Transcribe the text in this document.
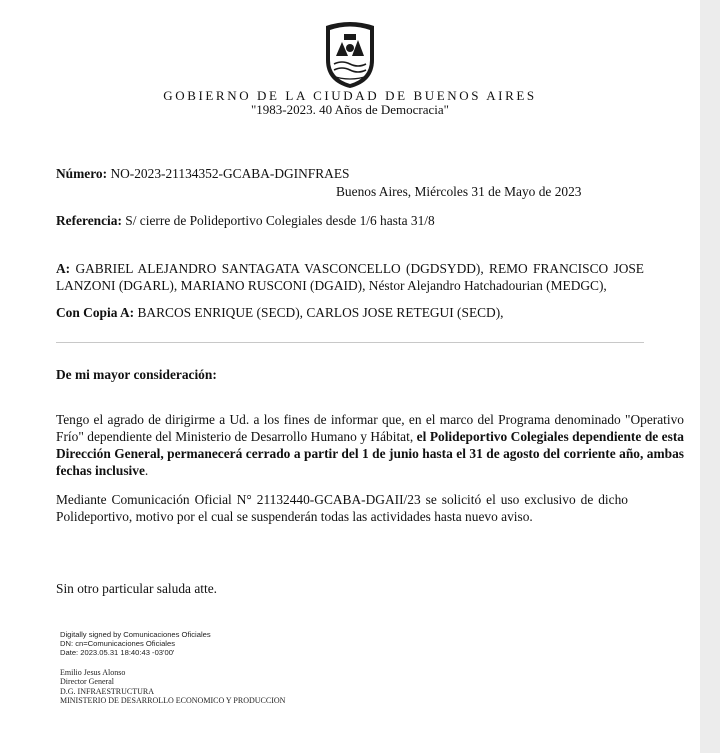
GOBIERNO DE LA CIUDAD DE BUENOS AIRES
"1983-2023. 40 Años de Democracia"
Número: NO-2023-21134352-GCABA-DGINFRAES
Buenos Aires, Miércoles 31 de Mayo de 2023
Referencia: S/ cierre de Polideportivo Colegiales desde 1/6 hasta 31/8
A: GABRIEL ALEJANDRO SANTAGATA VASCONCELLO (DGDSYDD), REMO FRANCISCO JOSE LANZONI (DGARL), MARIANO RUSCONI (DGAID), Néstor Alejandro Hatchadourian (MEDGC),
Con Copia A: BARCOS ENRIQUE (SECD), CARLOS JOSE RETEGUI (SECD),
De mi mayor consideración:
Tengo el agrado de dirigirme a Ud. a los fines de informar que, en el marco del Programa denominado "Operativo Frío" dependiente del Ministerio de Desarrollo Humano y Hábitat, el Polideportivo Colegiales dependiente de esta Dirección General, permanecerá cerrado a partir del 1 de junio hasta el 31 de agosto del corriente año, ambas fechas inclusive.
Mediante Comunicación Oficial N° 21132440-GCABA-DGAII/23 se solicitó el uso exclusivo de dicho Polideportivo, motivo por el cual se suspenderán todas las actividades hasta nuevo aviso.
Sin otro particular saluda atte.
Digitally signed by Comunicaciones Oficiales
DN: cn=Comunicaciones Oficiales
Date: 2023.05.31 18:40:43 -03'00'
Emilio Jesus Alonso
Director General
D.G. INFRAESTRUCTURA
MINISTERIO DE DESARROLLO ECONOMICO Y PRODUCCION
